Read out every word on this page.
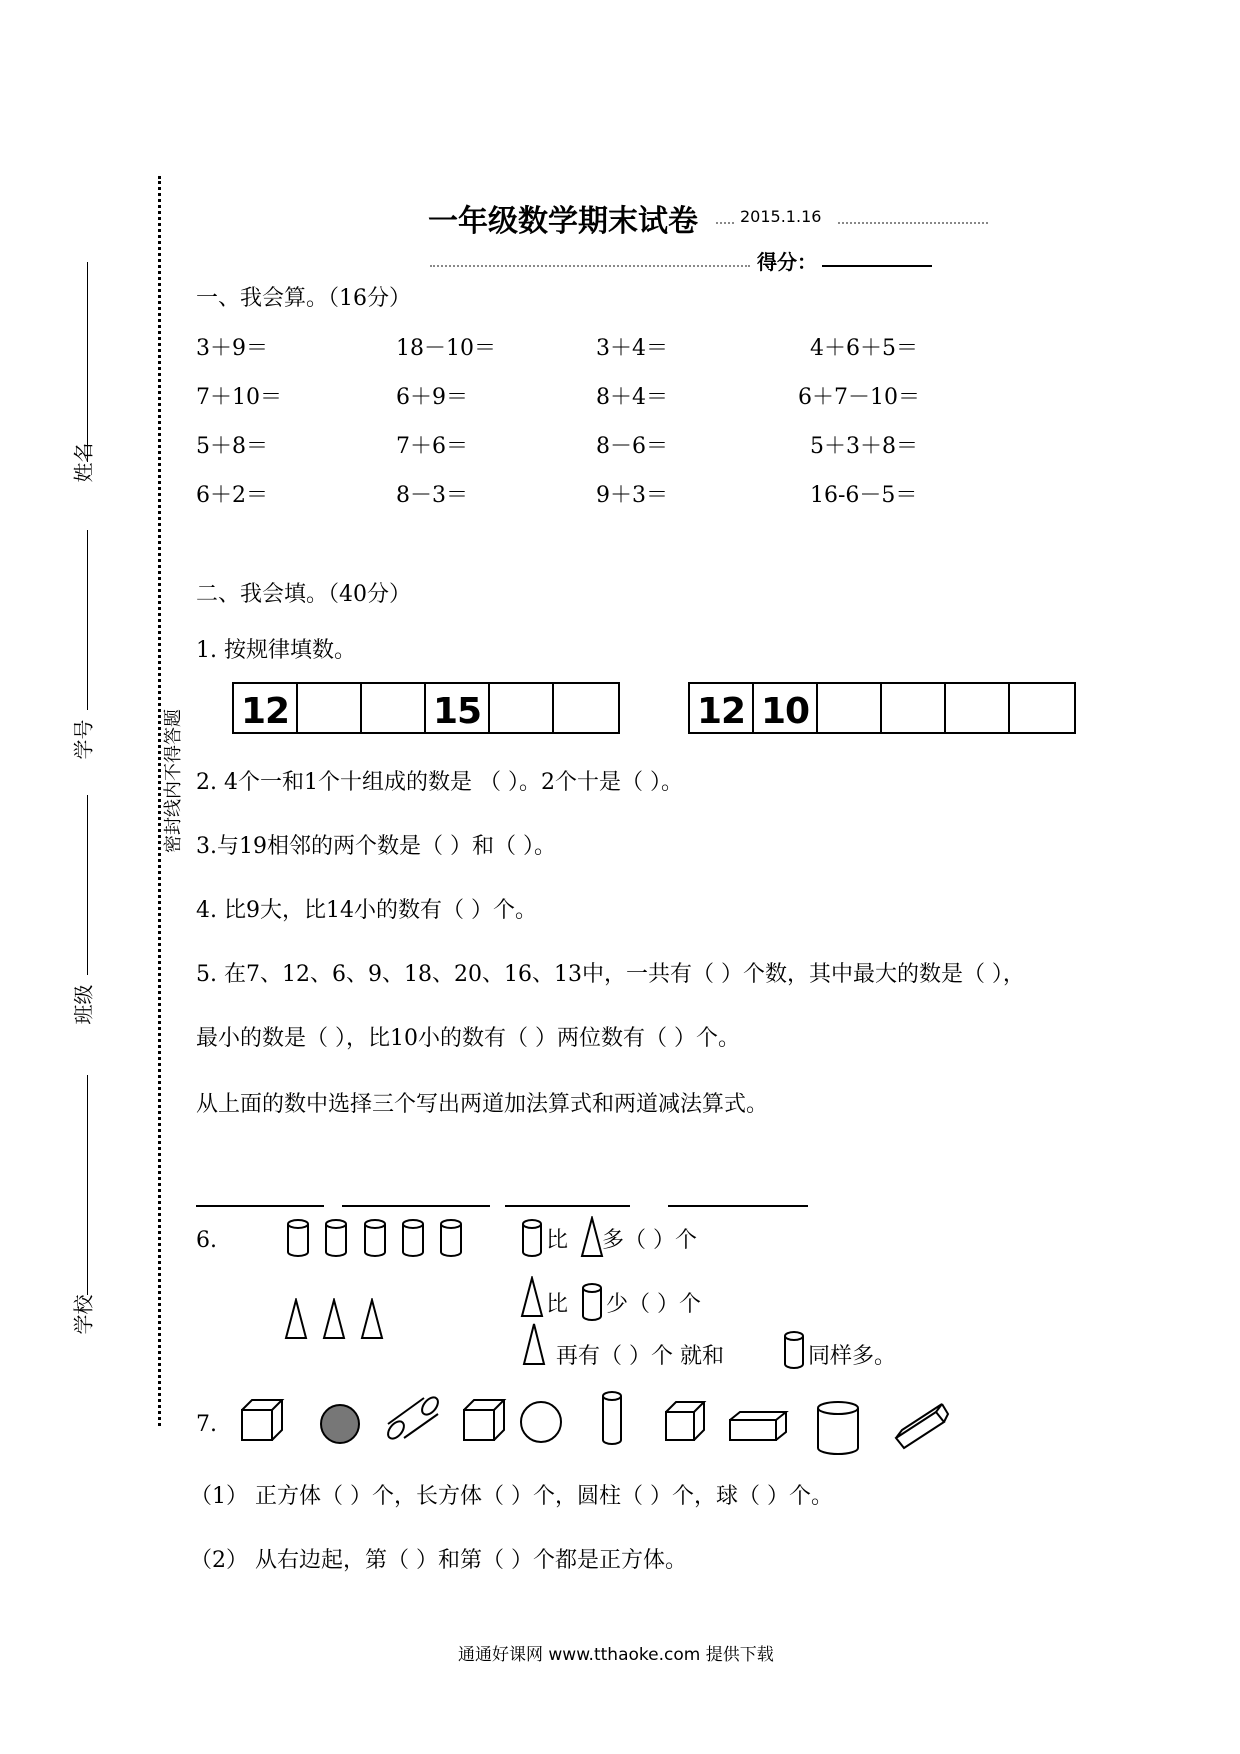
姓名
学号
班级
学校
密封线内不得答题
一年级数学期末试卷	2015.1.16
得分：
一、我会算。（16分）
3＋9＝	18－10＝	3＋4＝	4＋6＋5＝
7＋10＝	6＋9＝	8＋4＝	6＋7－10＝
5＋8＝	7＋6＝	8－6＝	5＋3＋8＝
6＋2＝	8－3＝	9＋3＝	16-6－5＝
二、我会填。（40分）
1. 按规律填数。
12	15	12 10
2. 4个一和1个十组成的数是 （ ）。2个十是（ ）。
3.与19相邻的两个数是（ ）和（ ）。
4. 比9大，比14小的数有（ ）个。
5. 在7、12、6、9、18、20、16、13中，一共有（ ）个数，其中最大的数是（ ），
最小的数是（ ），比10小的数有（ ）两位数有（ ）个。
从上面的数中选择三个写出两道加法算式和两道减法算式。
6.	比 多（ ）个
比 少（ ）个
再有（ ）个 就和	同样多。
7.
（1） 正方体（ ）个，长方体（ ）个，圆柱（ ）个，球（ ）个。
（2） 从右边起，第（ ）和第（ ）个都是正方体。
通通好课网 www.tthaoke.com 提供下载
